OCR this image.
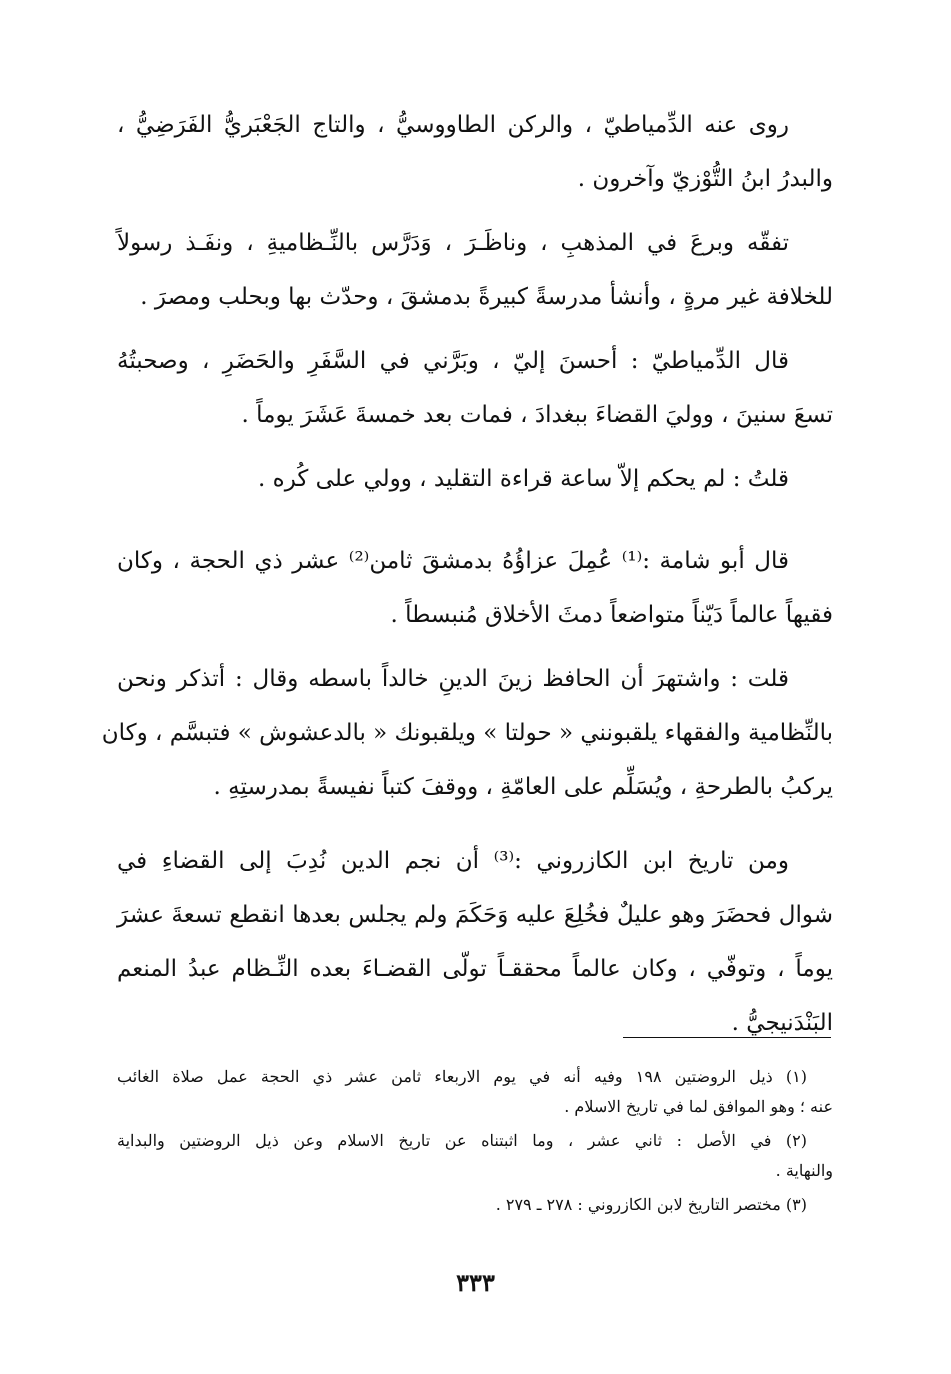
روى عنه الدِّمياطيّ ، والركن الطاووسيُّ ، والتاج الجَعْبَريُّ الفَرَضِيُّ ،
والبدرُ ابنُ التُّوْزيّ وآخرون .

تفقّه وبرعَ في المذهبِ ، وناظَـرَ ، وَدَرَّس بالنِّـظاميةِ ، ونفَـذ رسولاً
للخلافة غير مرةٍ ، وأنشأ مدرسةً كبيرةً بدمشقَ ، وحدّث بها وبحلب ومصرَ .

قال الدِّمياطيّ : أحسنَ إليّ ، وبَرَّني في السَّفَرِ والحَضَرِ ، وصحبتُهُ
تسعَ سنينَ ، ووليَ القضاءَ ببغدادَ ، فمات بعد خمسةَ عَشَرَ يوماً .

قلتُ : لم يحكم إلاّ ساعة قراءة التقليد ، وولي على كُره .

قال أبو شامة :⁽¹⁾ عُمِلَ عزاؤُهُ بدمشقَ ثامن⁽²⁾ عشر ذي الحجة ، وكان
فقيهاً عالماً دَيّناً متواضعاً دمثَ الأخلاق مُنبسطاً .

قلت : واشتهرَ أن الحافظ زينَ الدينِ خالداً باسطه وقال : أتذكر ونحن
بالنِّظامية والفقهاء يلقبونني « حولتا » ويلقبونك « بالدعشوش » فتبسَّم ، وكان
يركبُ بالطرحةِ ، ويُسَلِّم على العامّةِ ، ووقفَ كتباً نفيسةً بمدرستِهِ .

ومن تاريخ ابن الكازروني :⁽³⁾ أن نجم الدين نُدِبَ إلى القضاءِ في
شوال فحضَرَ وهو عليلٌ فخُلِعَ عليه وَحَكَمَ ولم يجلس بعدها انقطع تسعةَ عشرَ
يوماً ، وتوفّي ، وكان عالماً محققـاً تولّى القضـاءَ بعده النِّـظام عبدُ المنعم
البَنْدَنيجيُّ .

(١) ذيل الروضتين ١٩٨ وفيه أنه في يوم الاربعاء ثامن عشر ذي الحجة عمل صلاة الغائب
عنه ؛ وهو الموافق لما في تاريخ الاسلام .

(٢) في الأصل : ثاني عشر ، وما اثبتناه عن تاريخ الاسلام وعن ذيل الروضتين والبداية
والنهاية .

(٣) مختصر التاريخ لابن الكازروني : ٢٧٨ ـ ٢٧٩ .

٣٣٣
